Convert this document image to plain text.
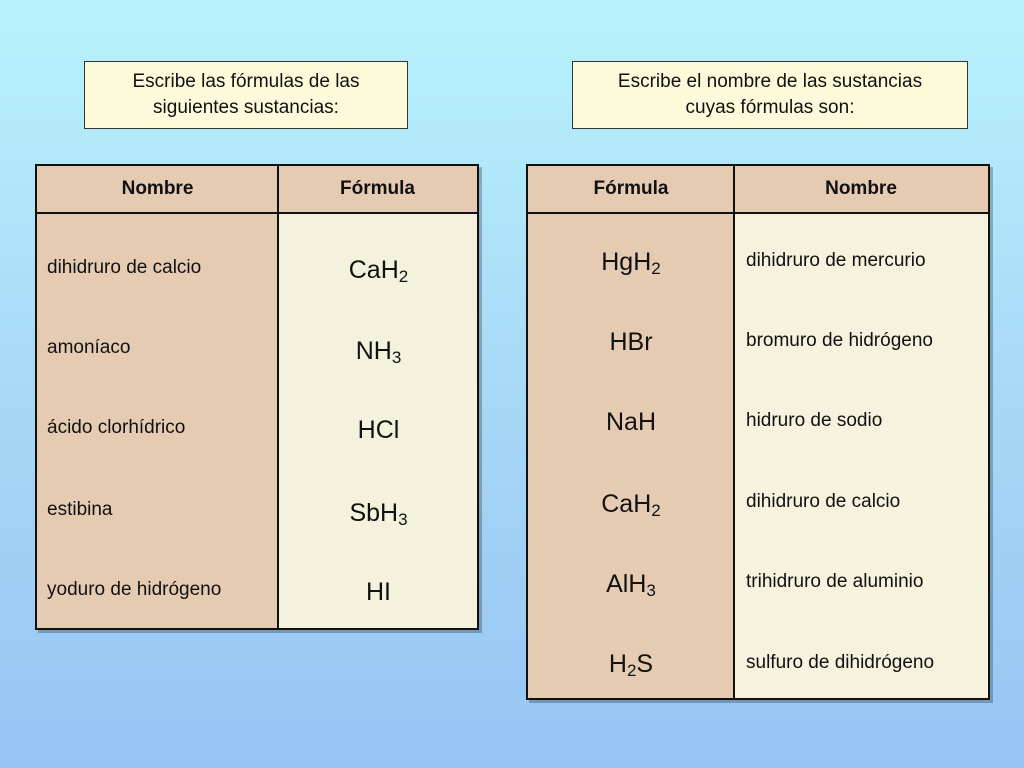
Escribe las fórmulas de las
siguientes sustancias:
Escribe el nombre de las sustancias
cuyas fórmulas son:
Nombre	Fórmula
dihidruro de calcio
amoníaco
ácido clorhídrico
estibina
yoduro de hidrógeno
CaH$_2$
$NH_3$
HCl
SbH$_3$
HI
Fórmula	Nombre
HgH$_2$
HBr
NaH
CaH$_2$
AlH$_3$
$H_2S$
dihidruro de mercurio
bromuro de hidrógeno
hidruro de sodio
dihidruro de calcio
trihidruro de aluminio
sulfuro de dihidrógeno
